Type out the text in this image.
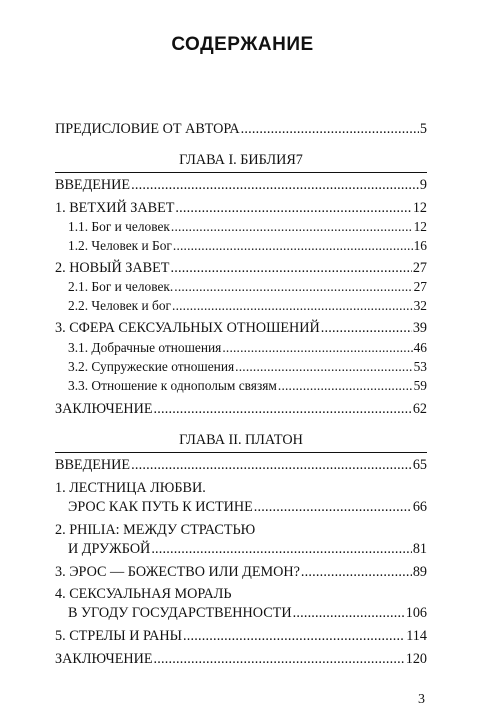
СОДЕРЖАНИЕ
ПРЕДИСЛОВИЕ ОТ АВТОРА .....	5
ГЛАВА I. БИБЛИЯ7
ВВЕДЕНИЕ .....	9
1. ВЕТХИЙ ЗАВЕТ .....	12
1.1. Бог и человек .....	12
1.2. Человек и Бог .....	16
2. НОВЫЙ ЗАВЕТ .....	27
2.1. Бог и человек. .....	27
2.2. Человек и бог .....	32
3. СФЕРА СЕКСУАЛЬНЫХ ОТНОШЕНИЙ .....	39
3.1. Добрачные отношения .....	46
3.2. Супружеские отношения .....	53
3.3. Отношение к однополым связям .....	59
ЗАКЛЮЧЕНИЕ .....	62
ГЛАВА II. ПЛАТОН
ВВЕДЕНИЕ .....	65
1. ЛЕСТНИЦА ЛЮБВИ.
ЭРОС КАК ПУТЬ К ИСТИНЕ .....	66
2. PHILIA: МЕЖДУ СТРАСТЬЮ
И ДРУЖБОЙ .....	81
3. ЭРОС — БОЖЕСТВО ИЛИ ДЕМОН? .....	89
4. СЕКСУАЛЬНАЯ МОРАЛЬ
В УГОДУ ГОСУДАРСТВЕННОСТИ .....	106
5. СТРЕЛЫ И РАНЫ .....	114
ЗАКЛЮЧЕНИЕ .....	120
3
